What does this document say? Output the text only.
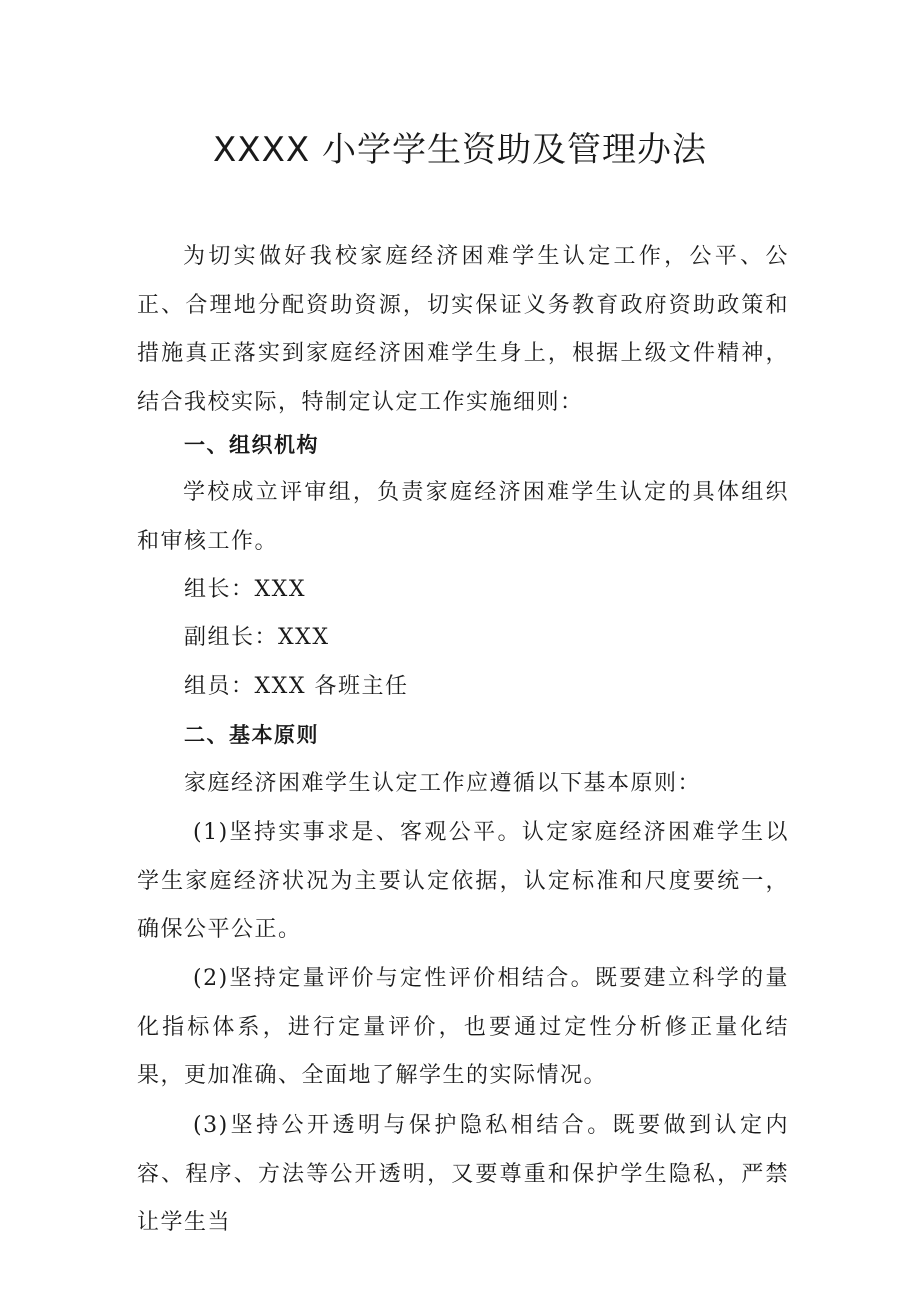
XXXX 小学学生资助及管理办法

为切实做好我校家庭经济困难学生认定工作，公平、公正、合理地分配资助资源，切实保证义务教育政府资助政策和措施真正落实到家庭经济困难学生身上，根据上级文件精神，结合我校实际，特制定认定工作实施细则：

一、组织机构

学校成立评审组，负责家庭经济困难学生认定的具体组织和审核工作。

组长：XXX

副组长：XXX

组员：XXX 各班主任

二、基本原则

家庭经济困难学生认定工作应遵循以下基本原则：

(1)坚持实事求是、客观公平。认定家庭经济困难学生以学生家庭经济状况为主要认定依据，认定标准和尺度要统一，确保公平公正。

(2)坚持定量评价与定性评价相结合。既要建立科学的量化指标体系，进行定量评价，也要通过定性分析修正量化结果，更加准确、全面地了解学生的实际情况。

(3)坚持公开透明与保护隐私相结合。既要做到认定内容、程序、方法等公开透明，又要尊重和保护学生隐私，严禁让学生当
